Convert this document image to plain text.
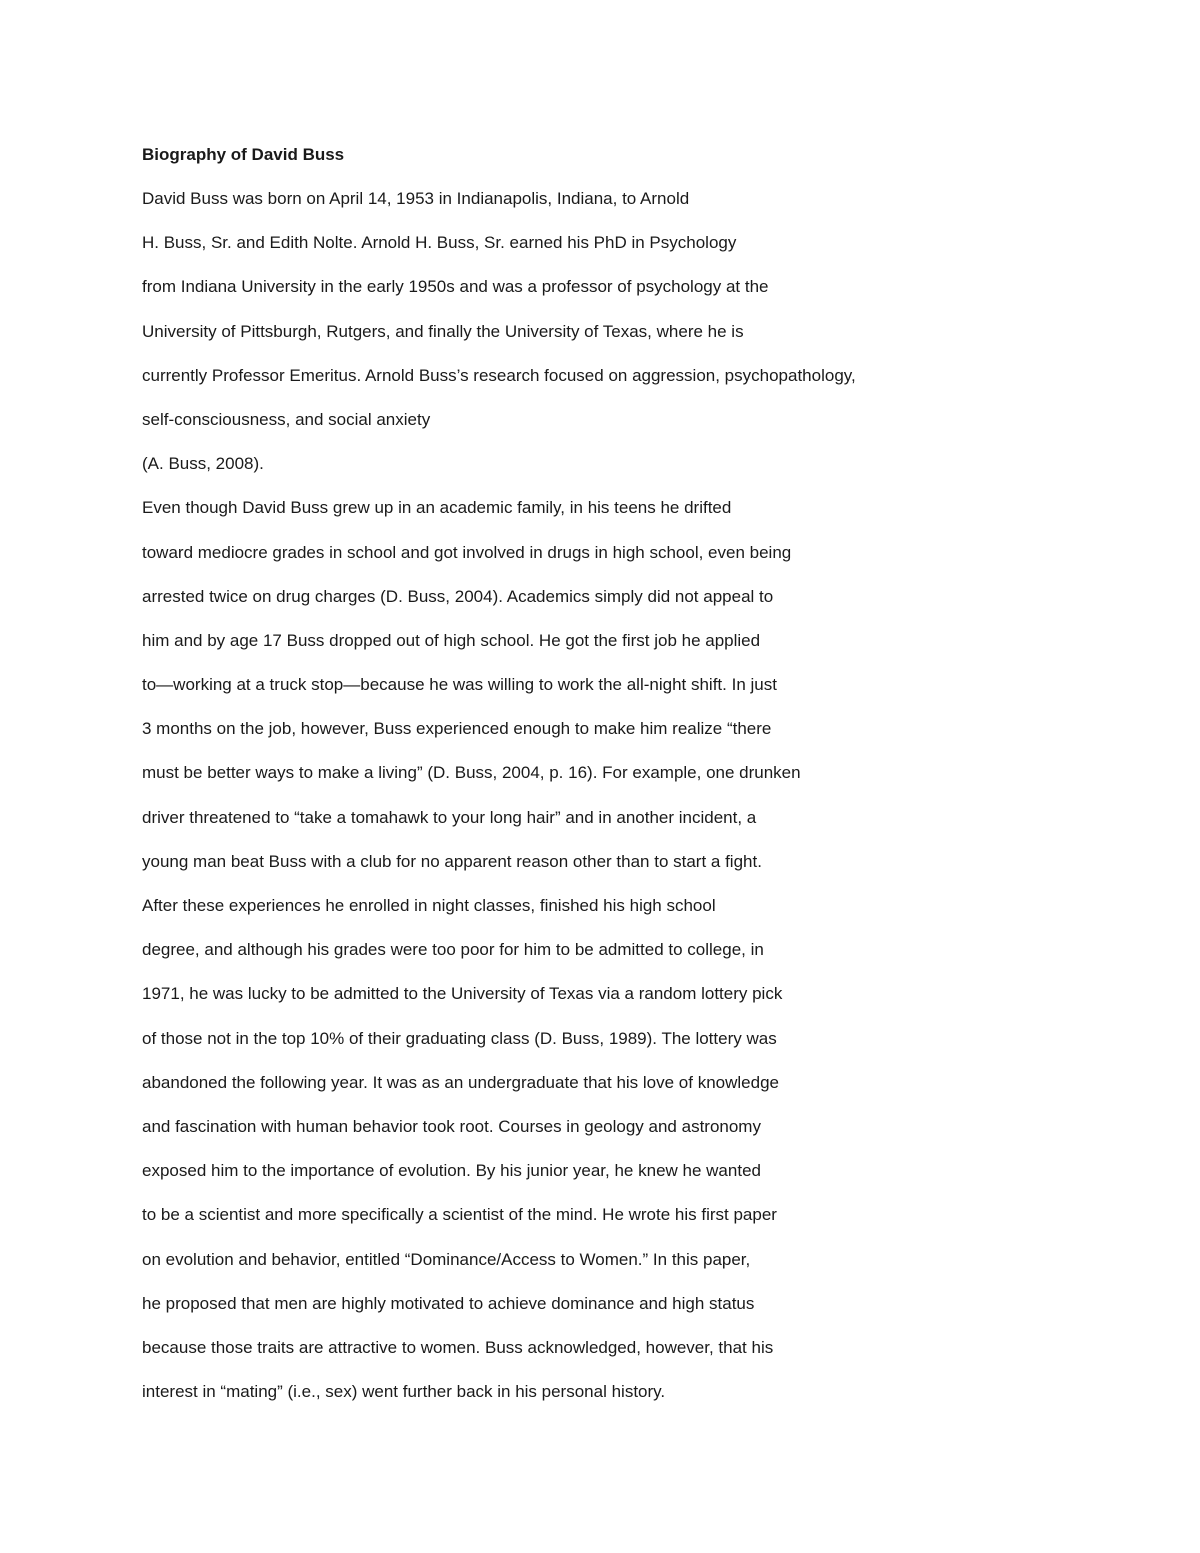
Biography of David Buss
David Buss was born on April 14, 1953 in Indianapolis, Indiana, to Arnold
H. Buss, Sr. and Edith Nolte. Arnold H. Buss, Sr. earned his PhD in Psychology
from Indiana University in the early 1950s and was a professor of psychology at the
University of Pittsburgh, Rutgers, and finally the University of Texas, where he is
currently Professor Emeritus. Arnold Buss’s research focused on aggression, psychopathology,
self-consciousness, and social anxiety
(A. Buss, 2008).
Even though David Buss grew up in an academic family, in his teens he drifted
toward mediocre grades in school and got involved in drugs in high school, even being
arrested twice on drug charges (D. Buss, 2004). Academics simply did not appeal to
him and by age 17 Buss dropped out of high school. He got the first job he applied
to—working at a truck stop—because he was willing to work the all-night shift. In just
3 months on the job, however, Buss experienced enough to make him realize “there
must be better ways to make a living” (D. Buss, 2004, p. 16). For example, one drunken
driver threatened to “take a tomahawk to your long hair” and in another incident, a
young man beat Buss with a club for no apparent reason other than to start a fight.
After these experiences he enrolled in night classes, finished his high school
degree, and although his grades were too poor for him to be admitted to college, in
1971, he was lucky to be admitted to the University of Texas via a random lottery pick
of those not in the top 10% of their graduating class (D. Buss, 1989). The lottery was
abandoned the following year. It was as an undergraduate that his love of knowledge
and fascination with human behavior took root. Courses in geology and astronomy
exposed him to the importance of evolution. By his junior year, he knew he wanted
to be a scientist and more specifically a scientist of the mind. He wrote his first paper
on evolution and behavior, entitled “Dominance/Access to Women.” In this paper,
he proposed that men are highly motivated to achieve dominance and high status
because those traits are attractive to women. Buss acknowledged, however, that his
interest in “mating” (i.e., sex) went further back in his personal history.
